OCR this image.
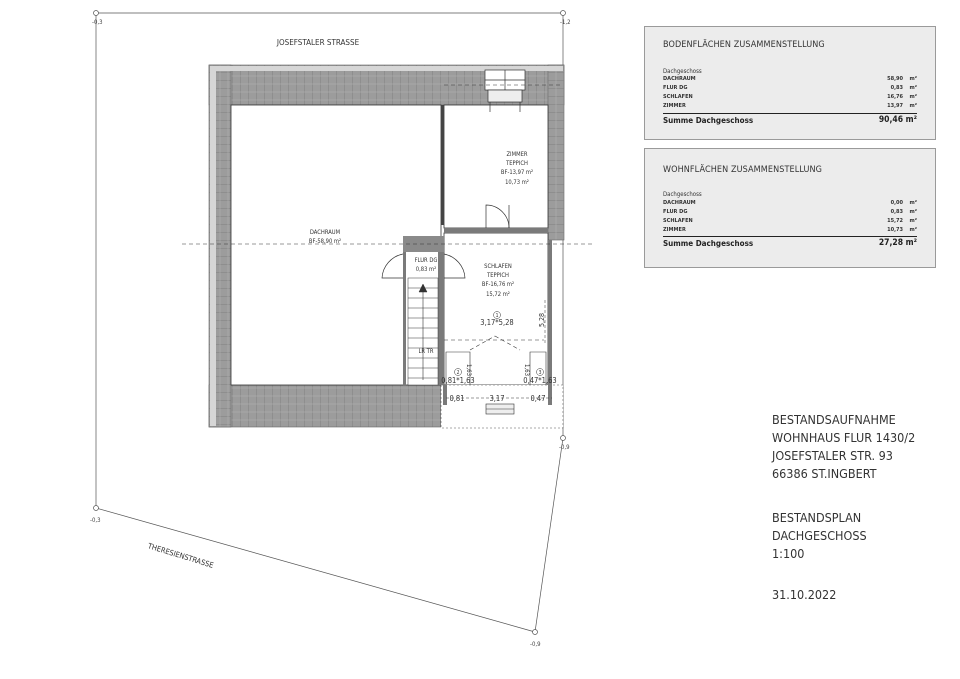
-0,3	-1,2
-0,3
-0,9
-0,9
JOSEFSTALER STRASSE
THERESIENSTRASSE
DACHRAUM
BF-58,90 m²
ZIMMER
TEPPICH
BF-13,97 m²
10,73 m²
FLUR DG
0,83 m²	SCHLAFEN
TEPPICH
BF-16,76 m²
15,72 m²
LR TR
1
3,17*5,28
2
0,81*1,63
3
0,47*1,63
5,28
1,63	1,63
0,81	3,17	0,47
BODENFLÄCHEN ZUSAMMENSTELLUNG
Dachgeschoss
DACHRAUM	58,90 m²
FLUR DG	0,83 m²
SCHLAFEN	16,76 m²
ZIMMER	13,97 m²
Summe Dachgeschoss	90,46 m²
WOHNFLÄCHEN ZUSAMMENSTELLUNG
Dachgeschoss
DACHRAUM	0,00 m²
FLUR DG	0,83 m²
SCHLAFEN	15,72 m²
ZIMMER	10,73 m²
Summe Dachgeschoss	27,28 m²
BESTANDSAUFNAHME
WOHNHAUS FLUR 1430/2
JOSEFSTALER STR. 93
66386 ST.INGBERT
BESTANDSPLAN
DACHGESCHOSS
1:100
31.10.2022
